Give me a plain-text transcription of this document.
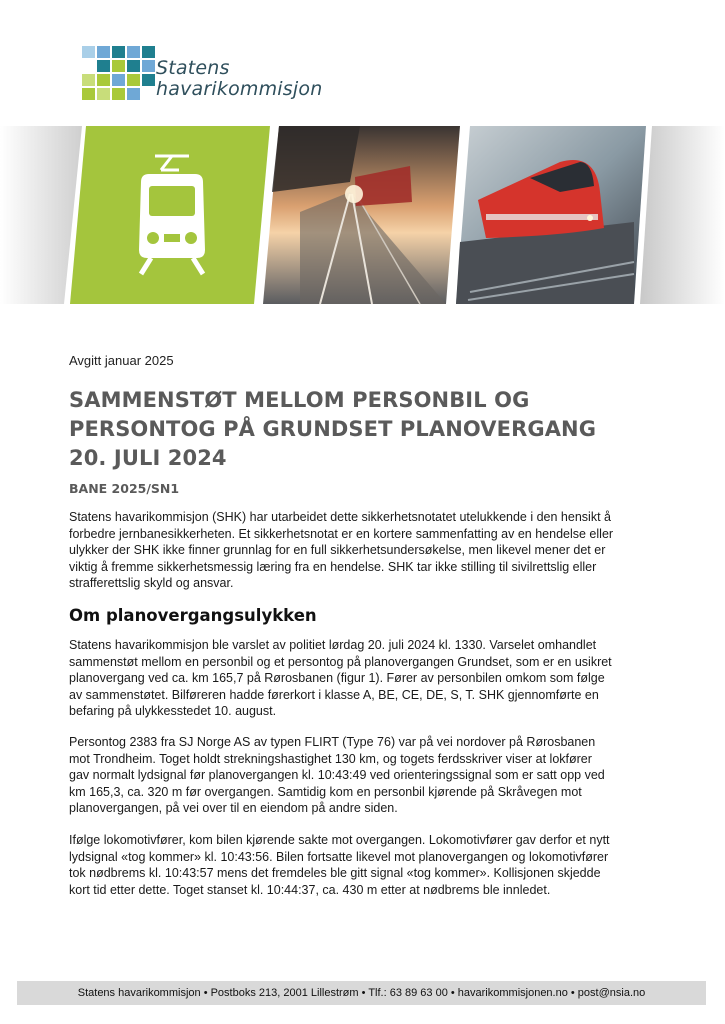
Statens
havarikommisjon
Avgitt januar 2025
SAMMENSTØT MELLOM PERSONBIL OG
PERSONTOG PÅ GRUNDSET PLANOVERGANG
20. JULI 2024
BANE 2025/SN1
Statens havarikommisjon (SHK) har utarbeidet dette sikkerhetsnotatet utelukkende i den hensikt å
forbedre jernbanesikkerheten. Et sikkerhetsnotat er en kortere sammenfatting av en hendelse eller
ulykker der SHK ikke finner grunnlag for en full sikkerhetsundersøkelse, men likevel mener det er
viktig å fremme sikkerhetsmessig læring fra en hendelse. SHK tar ikke stilling til sivilrettslig eller
strafferettslig skyld og ansvar.
Om planovergangsulykken
Statens havarikommisjon ble varslet av politiet lørdag 20. juli 2024 kl. 1330. Varselet omhandlet
sammenstøt mellom en personbil og et persontog på planovergangen Grundset, som er en usikret
planovergang ved ca. km 165,7 på Rørosbanen (figur 1). Fører av personbilen omkom som følge
av sammenstøtet. Bilføreren hadde førerkort i klasse A, BE, CE, DE, S, T. SHK gjennomførte en
befaring på ulykkesstedet 10. august.
Persontog 2383 fra SJ Norge AS av typen FLIRT (Type 76) var på vei nordover på Rørosbanen
mot Trondheim. Toget holdt strekningshastighet 130 km, og togets ferdsskriver viser at lokfører
gav normalt lydsignal før planovergangen kl. 10:43:49 ved orienteringssignal som er satt opp ved
km 165,3, ca. 320 m før overgangen. Samtidig kom en personbil kjørende på Skråvegen mot
planovergangen, på vei over til en eiendom på andre siden.
Ifølge lokomotivfører, kom bilen kjørende sakte mot overgangen. Lokomotivfører gav derfor et nytt
lydsignal «tog kommer» kl. 10:43:56. Bilen fortsatte likevel mot planovergangen og lokomotivfører
tok nødbrems kl. 10:43:57 mens det fremdeles ble gitt signal «tog kommer». Kollisjonen skjedde
kort tid etter dette. Toget stanset kl. 10:44:37, ca. 430 m etter at nødbrems ble innledet.
Statens havarikommisjon • Postboks 213, 2001 Lillestrøm • Tlf.: 63 89 63 00 • havarikommisjonen.no • post@nsia.no
